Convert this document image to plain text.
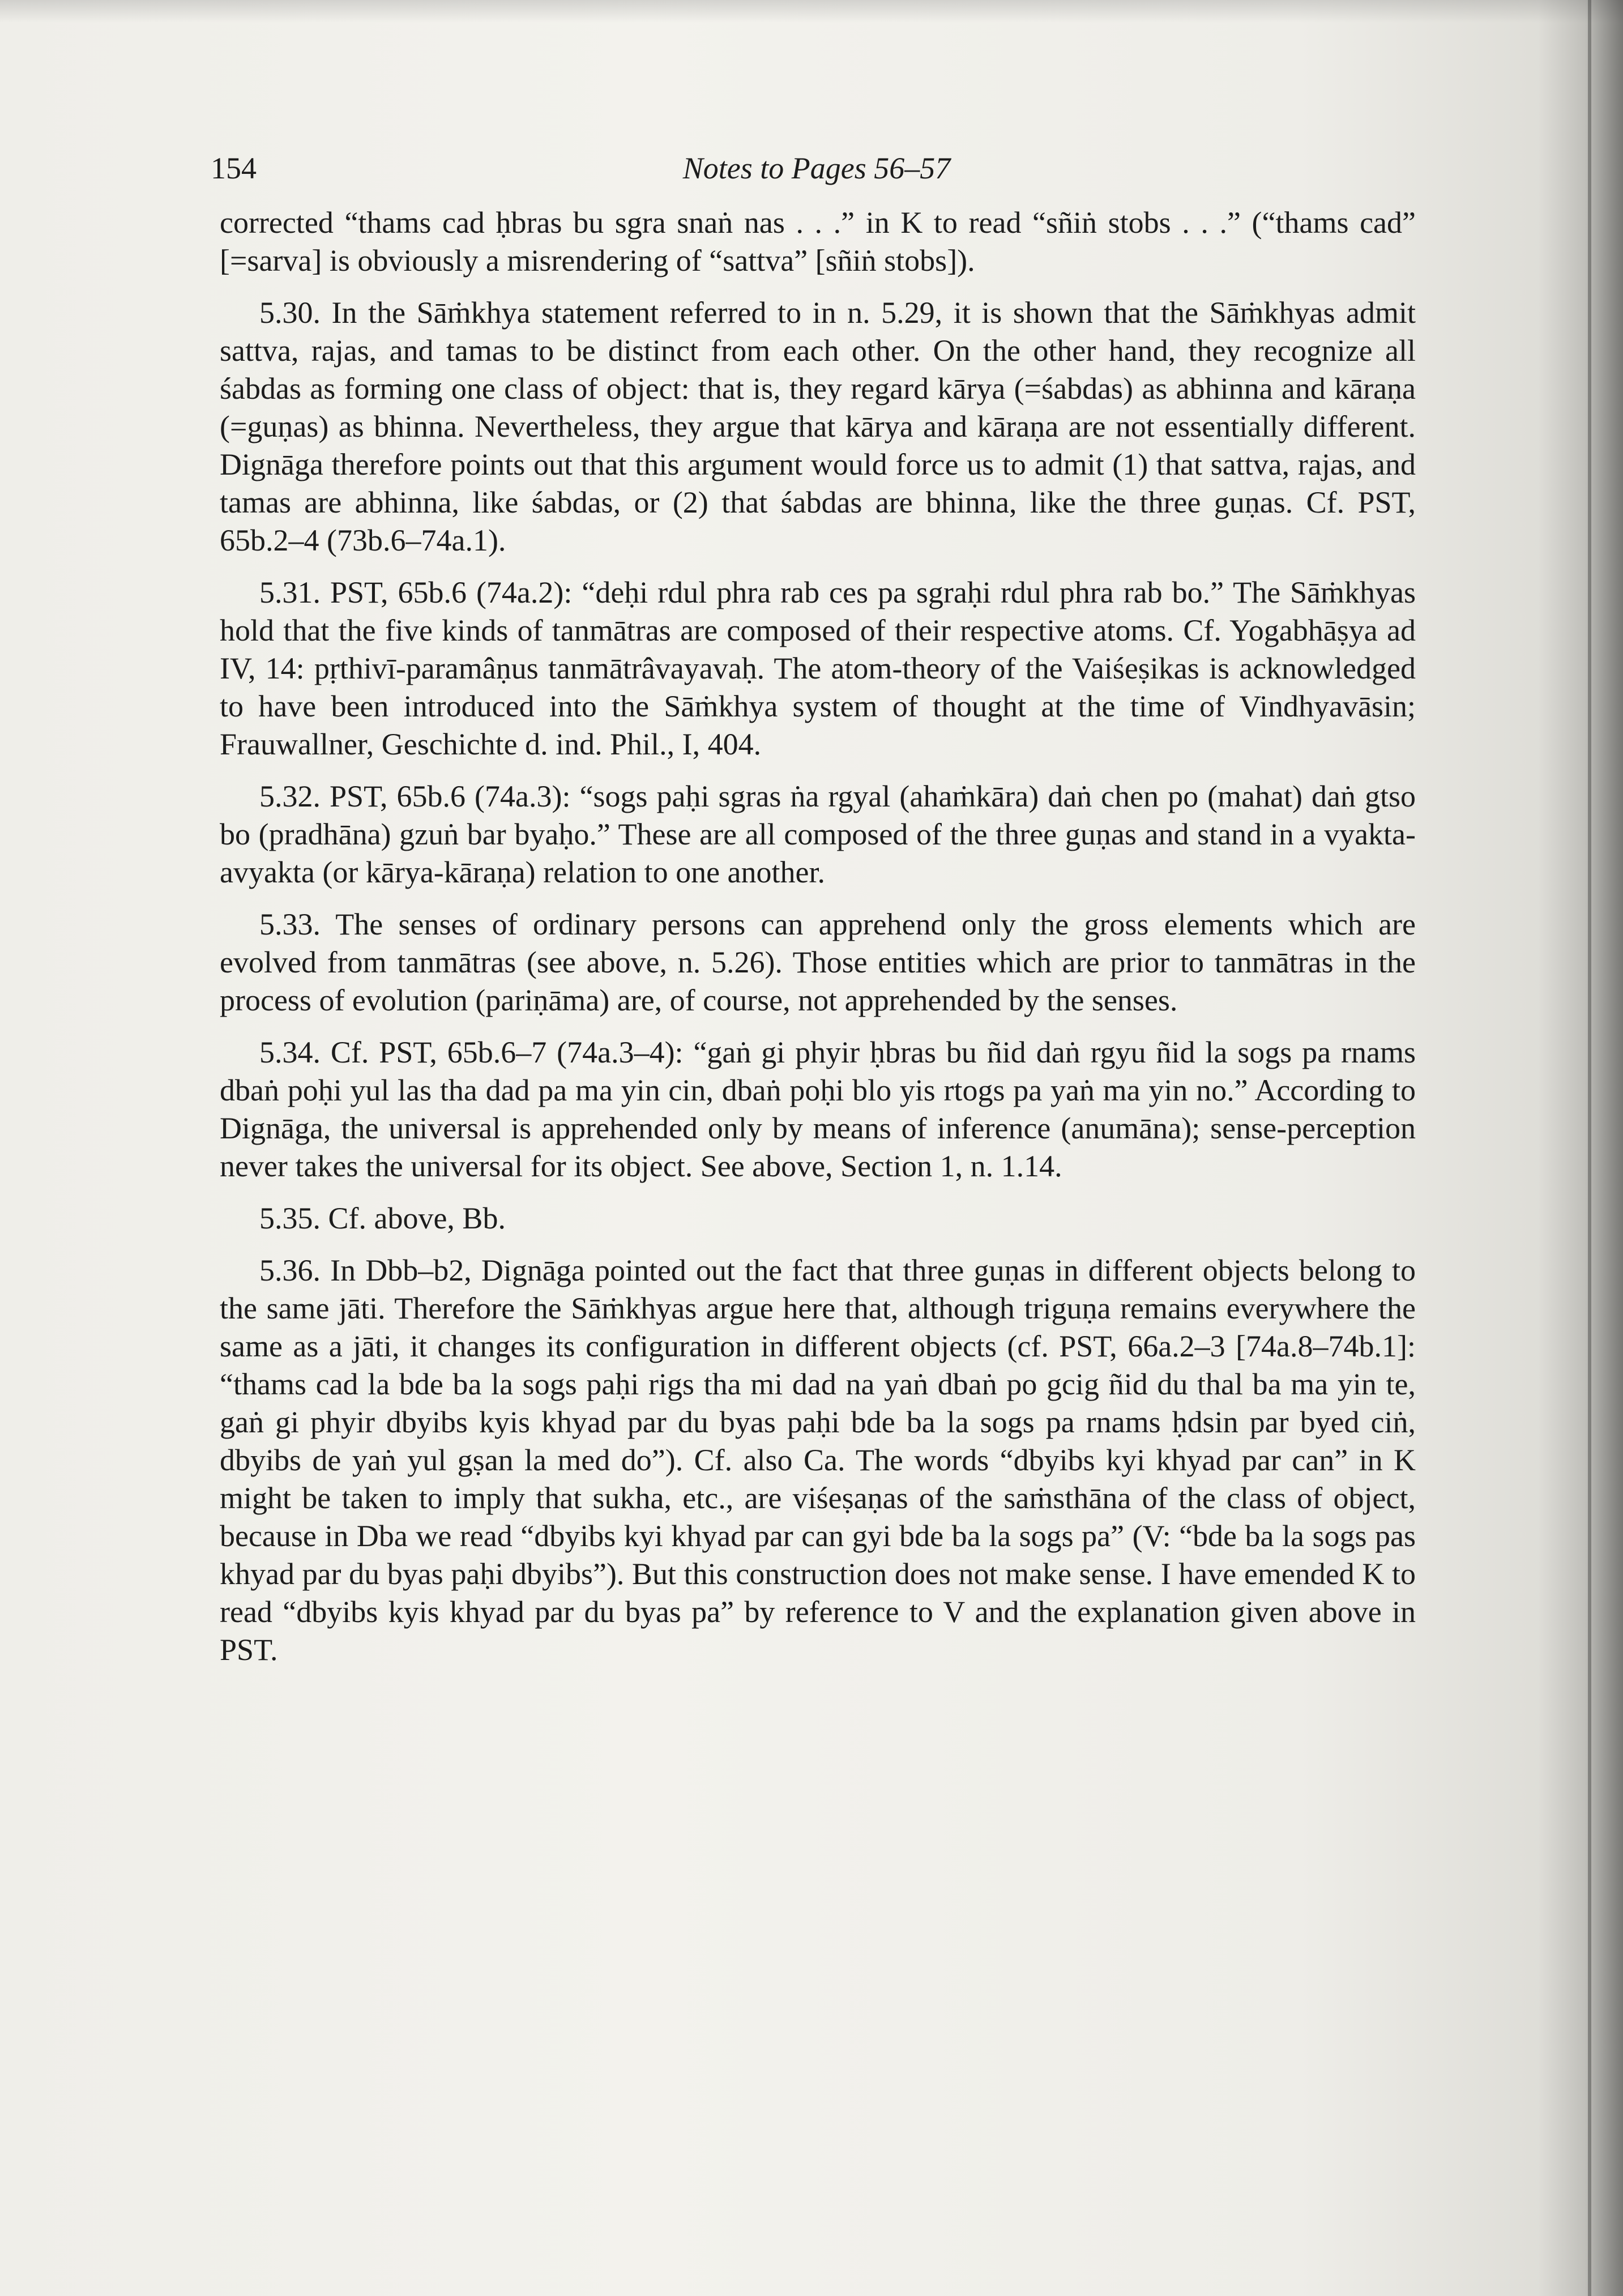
154	Notes to Pages 56–57

corrected “thams cad ḥbras bu sgra snaṅ nas . . .” in K to read “sñiṅ stobs . . .” (“thams cad” [=sarva] is obviously a misrendering of “sattva” [sñiṅ stobs]).

5.30. In the Sāṁkhya statement referred to in n. 5.29, it is shown that the Sāṁkhyas admit sattva, rajas, and tamas to be distinct from each other. On the other hand, they recognize all śabdas as forming one class of object: that is, they regard kārya (=śabdas) as abhinna and kāraṇa (=guṇas) as bhinna. Nevertheless, they argue that kārya and kāraṇa are not essentially different. Dignāga therefore points out that this argument would force us to admit (1) that sattva, rajas, and tamas are abhinna, like śabdas, or (2) that śabdas are bhinna, like the three guṇas. Cf. PST, 65b.2–4 (73b.6–74a.1).

5.31. PST, 65b.6 (74a.2): “deḥi rdul phra rab ces pa sgraḥi rdul phra rab bo.” The Sāṁkhyas hold that the five kinds of tanmātras are composed of their respective atoms. Cf. Yogabhāṣya ad IV, 14: pṛthivī-paramâṇus tanmātrâvayavaḥ. The atom-theory of the Vaiśeṣikas is acknowledged to have been introduced into the Sāṁkhya system of thought at the time of Vindhyavāsin; Frauwallner, Geschichte d. ind. Phil., I, 404.

5.32. PST, 65b.6 (74a.3): “sogs paḥi sgras ṅa rgyal (ahaṁkāra) daṅ chen po (mahat) daṅ gtso bo (pradhāna) gzuṅ bar byaḥo.” These are all composed of the three guṇas and stand in a vyakta-avyakta (or kārya-kāraṇa) relation to one another.

5.33. The senses of ordinary persons can apprehend only the gross elements which are evolved from tanmātras (see above, n. 5.26). Those entities which are prior to tanmātras in the process of evolution (pariṇāma) are, of course, not apprehended by the senses.

5.34. Cf. PST, 65b.6–7 (74a.3–4): “gaṅ gi phyir ḥbras bu ñid daṅ rgyu ñid la sogs pa rnams dbaṅ poḥi yul las tha dad pa ma yin cin, dbaṅ poḥi blo yis rtogs pa yaṅ ma yin no.” According to Dignāga, the universal is apprehended only by means of inference (anumāna); sense-perception never takes the universal for its object. See above, Section 1, n. 1.14.

5.35. Cf. above, Bb.

5.36. In Dbb–b2, Dignāga pointed out the fact that three guṇas in different objects belong to the same jāti. Therefore the Sāṁkhyas argue here that, although triguṇa remains everywhere the same as a jāti, it changes its configuration in different objects (cf. PST, 66a.2–3 [74a.8–74b.1]: “thams cad la bde ba la sogs paḥi rigs tha mi dad na yaṅ dbaṅ po gcig ñid du thal ba ma yin te, gaṅ gi phyir dbyibs kyis khyad par du byas paḥi bde ba la sogs pa rnams ḥdsin par byed ciṅ, dbyibs de yaṅ yul gṣan la med do”). Cf. also Ca. The words “dbyibs kyi khyad par can” in K might be taken to imply that sukha, etc., are viśeṣaṇas of the saṁsthāna of the class of object, because in Dba we read “dbyibs kyi khyad par can gyi bde ba la sogs pa” (V: “bde ba la sogs pas khyad par du byas paḥi dbyibs”). But this construction does not make sense. I have emended K to read “dbyibs kyis khyad par du byas pa” by reference to V and the explanation given above in PST.
